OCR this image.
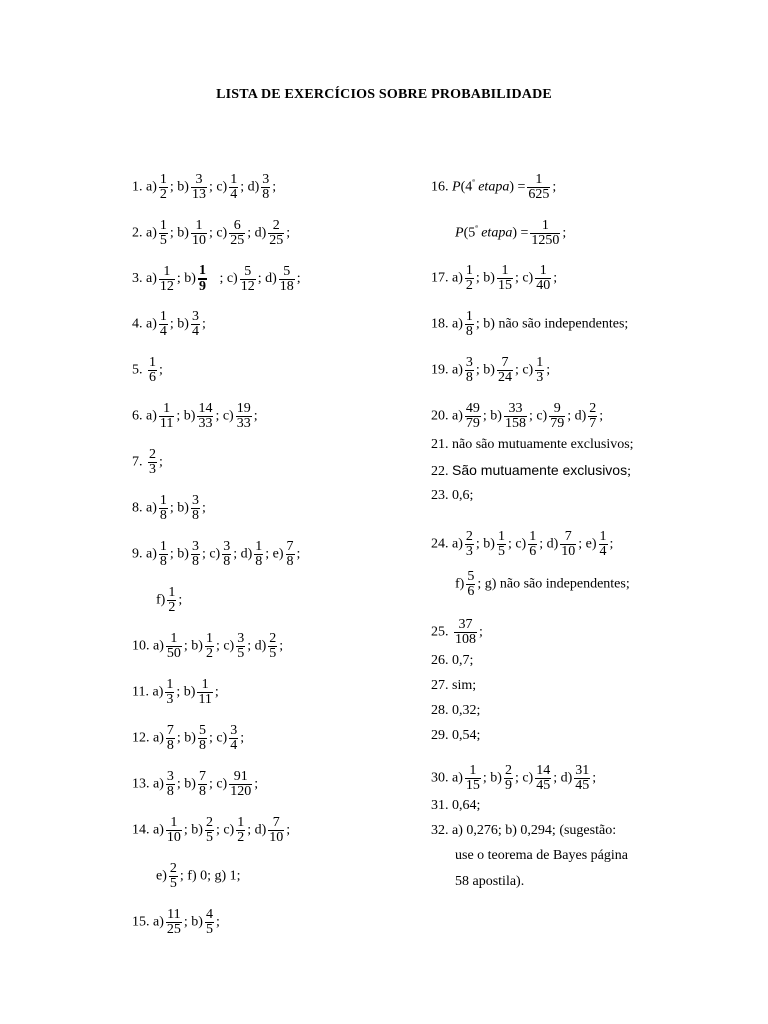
LISTA DE EXERCÍCIOS SOBRE PROBABILIDADE
1. $a) \frac{1}{2}$ ; $b) \frac{3}{13}$ ; $c) \frac{1}{4}$ ; $d) \frac{3}{8}$ ;
2. $a) \frac{1}{5}$ ; $b) \frac{1}{10}$ ; $c) \frac{6}{25}$ ; $d) \frac{2}{25}$ ;
3. $a) \frac{1}{12}$ ; $b) \frac{1}{9}$ ; $c) \frac{5}{12}$ ; $d) \frac{5}{18}$ ;
4. $a) \frac{1}{4}$ ; $b) \frac{3}{4}$ ;
5. $\frac{1}{6}$ ;
6. $a) \frac{1}{11}$ ; $b) \frac{14}{33}$ ; $c) \frac{19}{33}$ ;
7. $\frac{2}{3}$ ;
8. $a) \frac{1}{8}$ ; $b) \frac{3}{8}$ ;
9. $a) \frac{1}{8}$ ; $b) \frac{3}{8}$ ; $c) \frac{3}{8}$ ; $d) \frac{1}{8}$ ; $e) \frac{7}{8}$ ;
$f) \frac{1}{2}$ ;
10. $a) \frac{1}{50}$ ; $b) \frac{1}{2}$ ; $c) \frac{3}{5}$ ; $d) \frac{2}{5}$ ;
11. $a) \frac{1}{3}$ ; $b) \frac{1}{11}$ ;
12. $a) \frac{7}{8}$ ; $b) \frac{5}{8}$ ; $c) \frac{3}{4}$ ;
13. $a) \frac{3}{8}$ ; $b) \frac{7}{8}$ ; $c) \frac{91}{120}$ ;
14. $a) \frac{1}{10}$ ; $b) \frac{2}{5}$ ; $c) \frac{1}{2}$ ; $d) \frac{7}{10}$ ;
$e) \frac{2}{5}$ ; f) 0; g) 1;
15. $a) \frac{11}{25}$ ; $b) \frac{4}{5}$ ;
16. $P(4^ª$ etapa) = $\frac{1}{625}$ ;
$P(5^ª$ etapa) = $\frac{1}{1250}$ ;
17. $a) \frac{1}{2}$ ; $b) \frac{1}{15}$ ; $c) \frac{1}{40}$ ;
18. $a) \frac{1}{8}$ ; b) não são independentes;
19. $a) \frac{3}{8}$ ; $b) \frac{7}{24}$ ; $c) \frac{1}{3}$ ;
20. $a) \frac{49}{79}$ ; $b) \frac{33}{158}$ ; $c) \frac{9}{79}$ ; $d) \frac{2}{7}$ ;
21. não são mutuamente exclusivos;
22. São mutuamente exclusivos;
23. 0,6;
24. $a) \frac{2}{3}$ ; $b) \frac{1}{5}$ ; $c) \frac{1}{6}$ ; $d) \frac{7}{10}$ ; $e) \frac{1}{4}$ ;
$f) \frac{5}{6}$ ; g) não são independentes;
25. $\frac{37}{108}$ ;
26. 0,7;
27. sim;
28. 0,32;
29. 0,54;
30. $a) \frac{1}{15}$ ; $b) \frac{2}{9}$ ; $c) \frac{14}{45}$ ; $d) \frac{31}{45}$ ;
31. 0,64;
32. a) 0,276; b) 0,294; (sugestão:
use o teorema de Bayes página
58 apostila).
